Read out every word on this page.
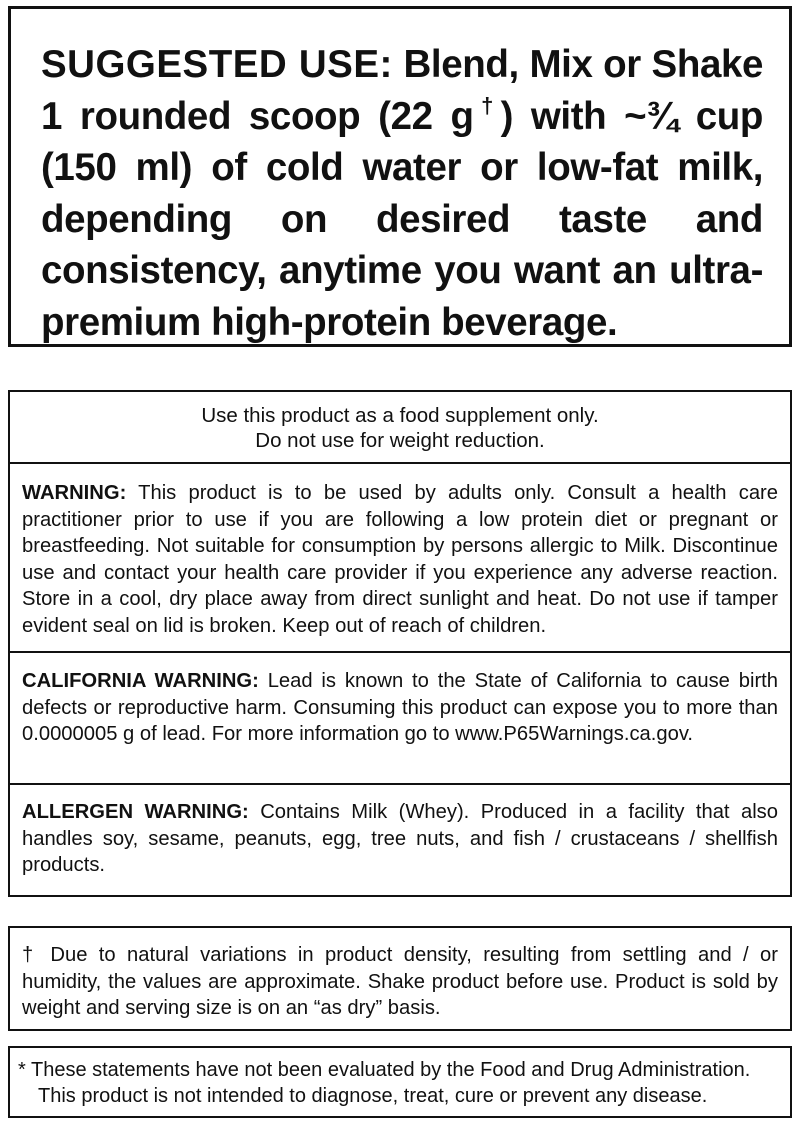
SUGGESTED USE: Blend, Mix or Shake 1 rounded scoop (22 g†) with ~¾ cup (150 ml) of cold water or low-fat milk, depending on desired taste and consistency, anytime you want an ultra-premium high-protein beverage.

Use this product as a food supplement only.
Do not use for weight reduction.
WARNING: This product is to be used by adults only. Consult a health care practitioner prior to use if you are following a low protein diet or pregnant or breastfeeding. Not suitable for consumption by persons allergic to Milk. Discontinue use and contact your health care provider if you experience any adverse reaction. Store in a cool, dry place away from direct sunlight and heat. Do not use if tamper evident seal on lid is broken. Keep out of reach of children.
CALIFORNIA WARNING: Lead is known to the State of California to cause birth defects or reproductive harm. Consuming this product can expose you to more than 0.0000005 g of lead. For more information go to www.P65Warnings.ca.gov.
ALLERGEN WARNING: Contains Milk (Whey). Produced in a facility that also handles soy, sesame, peanuts, egg, tree nuts, and fish / crustaceans / shellfish products.
† Due to natural variations in product density, resulting from settling and / or humidity, the values are approximate. Shake product before use. Product is sold by weight and serving size is on an “as dry” basis.
* These statements have not been evaluated by the Food and Drug Administration.
This product is not intended to diagnose, treat, cure or prevent any disease.
